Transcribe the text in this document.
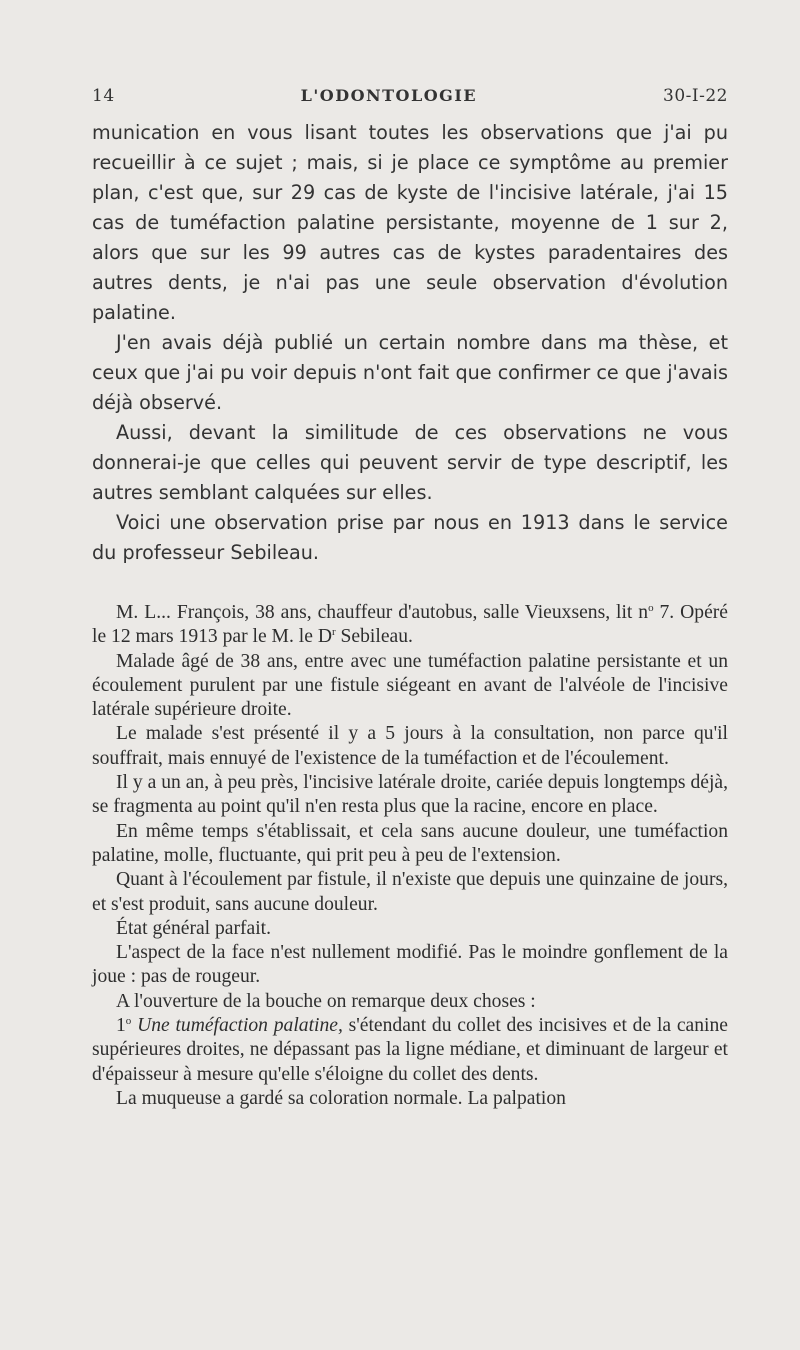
14	L'ODONTOLOGIE	30-I-22

munication en vous lisant toutes les observations que j'ai pu recueillir à ce sujet ; mais, si je place ce symptôme au premier plan, c'est que, sur 29 cas de kyste de l'incisive latérale, j'ai 15 cas de tuméfaction palatine persistante, moyenne de 1 sur 2, alors que sur les 99 autres cas de kystes paradentaires des autres dents, je n'ai pas une seule observation d'évolution palatine.

J'en avais déjà publié un certain nombre dans ma thèse, et ceux que j'ai pu voir depuis n'ont fait que confirmer ce que j'avais déjà observé.

Aussi, devant la similitude de ces observations ne vous donnerai-je que celles qui peuvent servir de type descriptif, les autres semblant calquées sur elles.

Voici une observation prise par nous en 1913 dans le service du professeur Sebileau.

M. L... François, 38 ans, chauffeur d'autobus, salle Vieuxsens, lit $n^o$ 7. Opéré le 12 mars 1913 par le M. le $D^r$ Sebileau.

Malade âgé de 38 ans, entre avec une tuméfaction palatine persistante et un écoulement purulent par une fistule siégeant en avant de l'alvéole de l'incisive latérale supérieure droite.

Le malade s'est présenté il y a 5 jours à la consultation, non parce qu'il souffrait, mais ennuyé de l'existence de la tuméfaction et de l'écoulement.

Il y a un an, à peu près, l'incisive latérale droite, cariée depuis longtemps déjà, se fragmenta au point qu'il n'en resta plus que la racine, encore en place.

En même temps s'établissait, et cela sans aucune douleur, une tuméfaction palatine, molle, fluctuante, qui prit peu à peu de l'extension.

Quant à l'écoulement par fistule, il n'existe que depuis une quinzaine de jours, et s'est produit, sans aucune douleur.

État général parfait.

L'aspect de la face n'est nullement modifié. Pas le moindre gonflement de la joue : pas de rougeur.

A l'ouverture de la bouche on remarque deux choses :

1$^o$ Une tuméfaction palatine, s'étendant du collet des incisives et de la canine supérieures droites, ne dépassant pas la ligne médiane, et diminuant de largeur et d'épaisseur à mesure qu'elle s'éloigne du collet des dents.

La muqueuse a gardé sa coloration normale. La palpation
